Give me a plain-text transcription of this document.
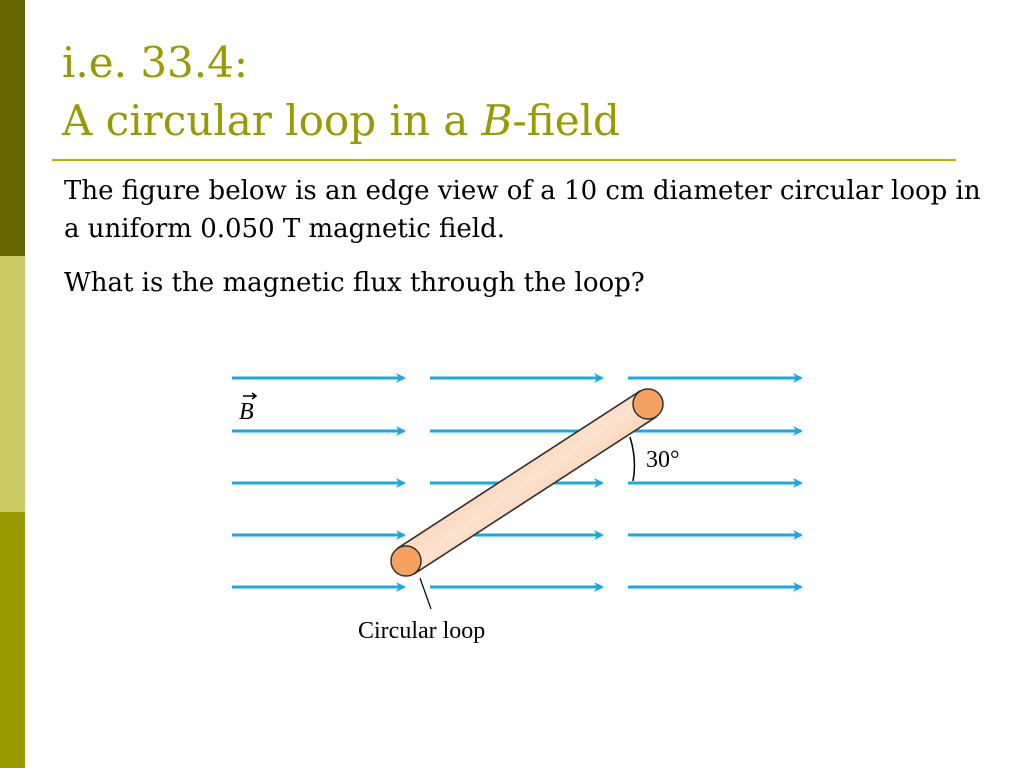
i.e. 33.4:
A circular loop in a B-field

The figure below is an edge view of a 10 cm diameter circular loop in a uniform 0.050 T magnetic field.

What is the magnetic flux through the loop?

B
30°
Circular loop
